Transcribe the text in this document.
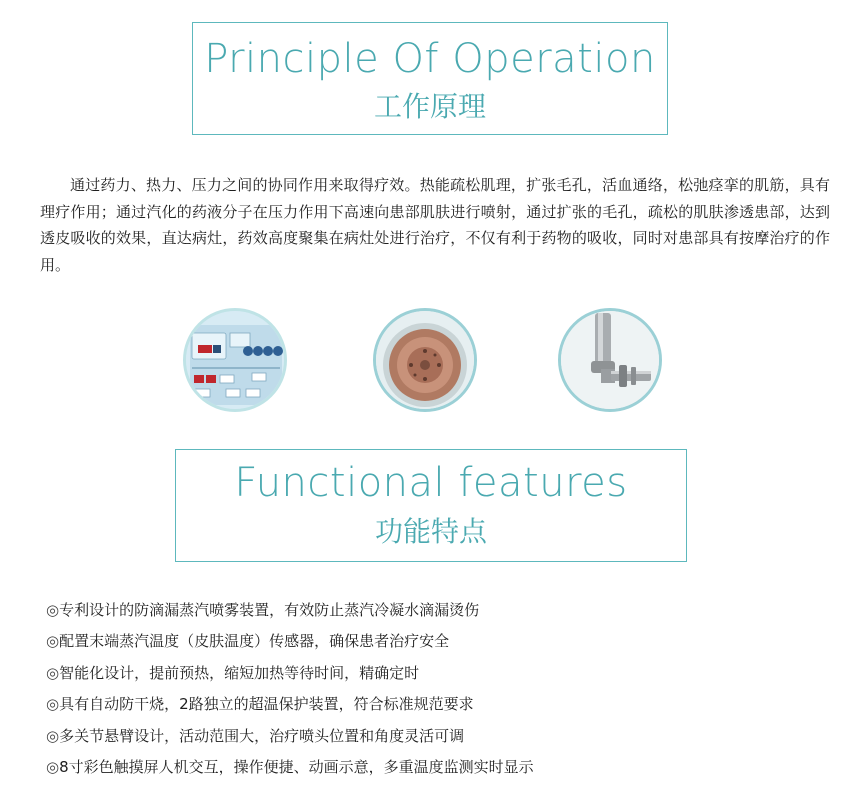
Principle Of Operation
工作原理

通过药力、热力、压力之间的协同作用来取得疗效。热能疏松肌理，扩张毛孔，活血通络，松弛痉挛的肌筋，具有理疗作用；通过汽化的药液分子在压力作用下高速向患部肌肤进行喷射，通过扩张的毛孔，疏松的肌肤渗透患部，达到透皮吸收的效果，直达病灶，药效高度聚集在病灶处进行治疗，不仅有利于药物的吸收，同时对患部具有按摩治疗的作用。

Functional features
功能特点
◎专利设计的防滴漏蒸汽喷雾装置，有效防止蒸汽冷凝水滴漏烫伤
◎配置末端蒸汽温度（皮肤温度）传感器，确保患者治疗安全
◎智能化设计，提前预热，缩短加热等待时间，精确定时
◎具有自动防干烧，2路独立的超温保护装置，符合标准规范要求
◎多关节悬臂设计，活动范围大，治疗喷头位置和角度灵活可调
◎8寸彩色触摸屏人机交互，操作便捷、动画示意，多重温度监测实时显示
